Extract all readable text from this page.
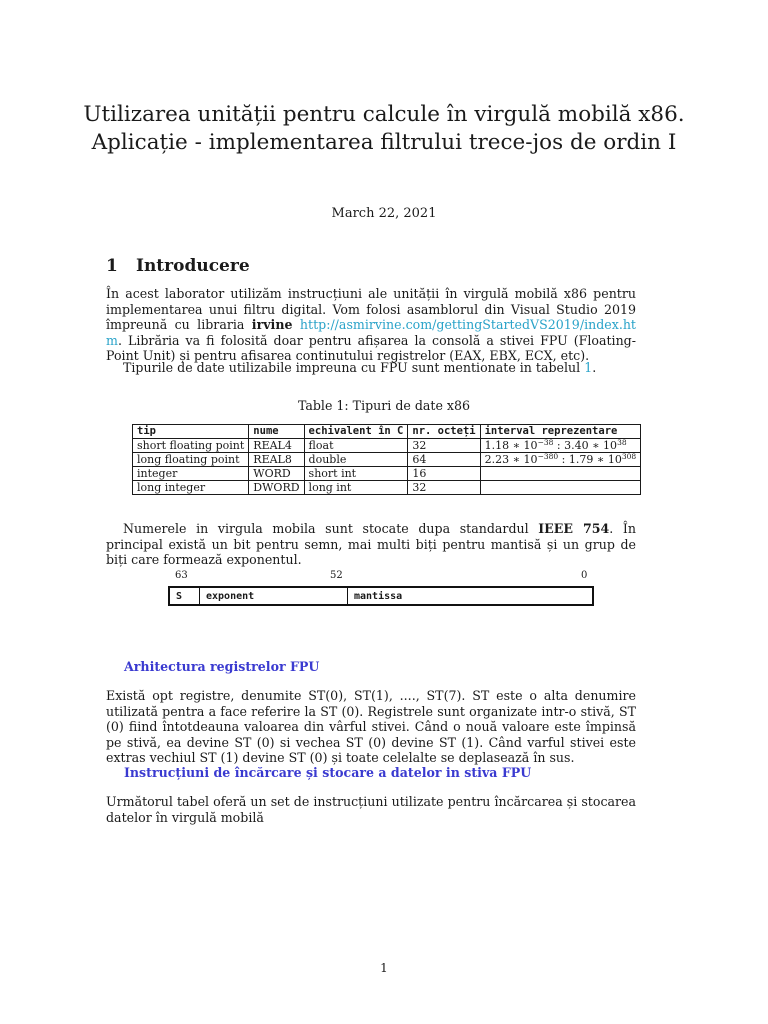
Utilizarea unității pentru calcule în virgulă mobilă x86.
Aplicație - implementarea filtrului trece-jos de ordin I
March 22, 2021
1 Introducere
În acest laborator utilizăm instrucțiuni ale unității în virgulă mobilă x86 pentru implementarea unui filtru digital. Vom folosi asamblorul din Visual Studio 2019 împreună cu libraria irvine http://asmirvine.com/gettingStartedVS2019/index.htm. Librăria va fi folosită doar pentru afișarea la consolă a stivei FPU (Floating-Point Unit) și pentru afisarea continutului registrelor (EAX, EBX, ECX, etc).
Tipurile de date utilizabile impreuna cu FPU sunt mentionate in tabelul 1.
Table 1: Tipuri de date x86
tip	nume	echivalent în C	nr. octeți	interval reprezentare
short floating point	REAL4	float	32	1.18 ∗ $10^{-38}$ : 3.40 ∗ $10^{38}$
long floating point	REAL8	double	64	2.23 ∗ $10^{-380}$ : 1.79 ∗ $10^{308}$
integer	WORD	short int	16	
long integer	DWORD	long int	32	
Numerele in virgula mobila sunt stocate dupa standardul IEEE 754. În principal există un bit pentru semn, mai multi biți pentru mantisă și un grup de biți care formează exponentul.
63	52	0
S	exponent	mantissa
Arhitectura registrelor FPU
Există opt registre, denumite ST(0), ST(1), ...., ST(7). ST este o alta denumire utilizată pentra a face referire la ST (0). Registrele sunt organizate intr-o stivă, ST (0) fiind întotdeauna valoarea din vârful stivei. Când o nouă valoare este împinsă pe stivă, ea devine ST (0) si vechea ST (0) devine ST (1). Când varful stivei este extras vechiul ST (1) devine ST (0) și toate celelalte se deplasează în sus.
Instrucțiuni de încărcare și stocare a datelor in stiva FPU
Următorul tabel oferă un set de instrucțiuni utilizate pentru încărcarea și stocarea datelor în virgulă mobilă
1
